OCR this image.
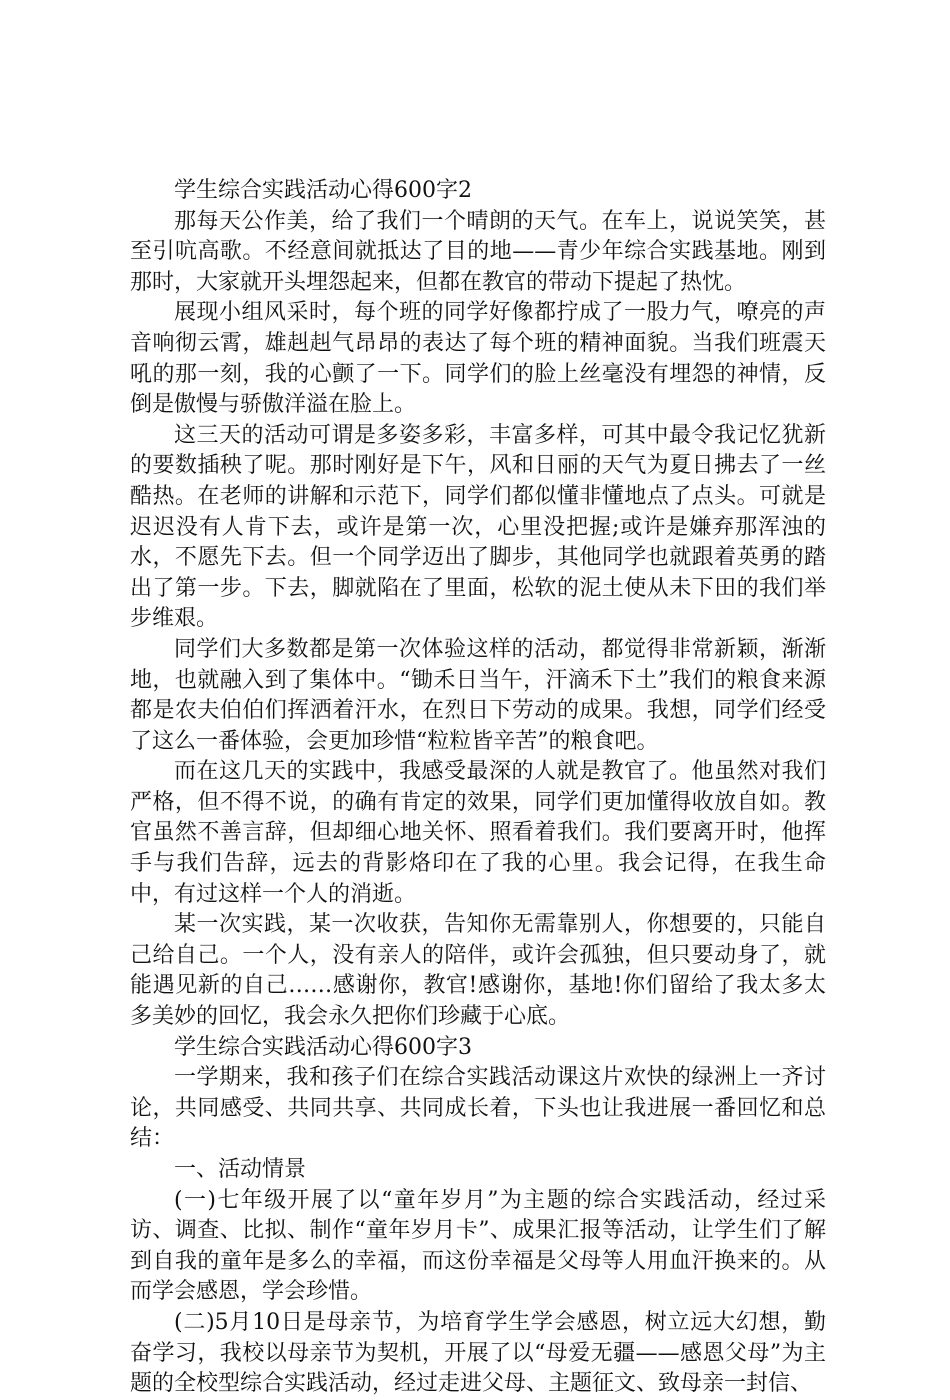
学生综合实践活动心得600字2

那每天公作美，给了我们一个晴朗的天气。在车上，说说笑笑，甚至引吭高歌。不经意间就抵达了目的地——青少年综合实践基地。刚到那时，大家就开头埋怨起来，但都在教官的带动下提起了热忱。

展现小组风采时，每个班的同学好像都拧成了一股力气，嘹亮的声音响彻云霄，雄赳赳气昂昂的表达了每个班的精神面貌。当我们班震天吼的那一刻，我的心颤了一下。同学们的脸上丝毫没有埋怨的神情，反倒是傲慢与骄傲洋溢在脸上。

这三天的活动可谓是多姿多彩，丰富多样，可其中最令我记忆犹新的要数插秧了呢。那时刚好是下午，风和日丽的天气为夏日拂去了一丝酷热。在老师的讲解和示范下，同学们都似懂非懂地点了点头。可就是迟迟没有人肯下去，或许是第一次，心里没把握;或许是嫌弃那浑浊的水，不愿先下去。但一个同学迈出了脚步，其他同学也就跟着英勇的踏出了第一步。下去，脚就陷在了里面，松软的泥土使从未下田的我们举步维艰。

同学们大多数都是第一次体验这样的活动，都觉得非常新颖，渐渐地，也就融入到了集体中。“锄禾日当午，汗滴禾下土”我们的粮食来源都是农夫伯伯们挥洒着汗水，在烈日下劳动的成果。我想，同学们经受了这么一番体验，会更加珍惜“粒粒皆辛苦”的粮食吧。

而在这几天的实践中，我感受最深的人就是教官了。他虽然对我们严格，但不得不说，的确有肯定的效果，同学们更加懂得收放自如。教官虽然不善言辞，但却细心地关怀、照看着我们。我们要离开时，他挥手与我们告辞，远去的背影烙印在了我的心里。我会记得，在我生命中，有过这样一个人的消逝。

某一次实践，某一次收获，告知你无需靠别人，你想要的，只能自己给自己。一个人，没有亲人的陪伴，或许会孤独，但只要动身了，就能遇见新的自己……感谢你，教官!感谢你，基地!你们留给了我太多太多美妙的回忆，我会永久把你们珍藏于心底。

学生综合实践活动心得600字3

一学期来，我和孩子们在综合实践活动课这片欢快的绿洲上一齐讨论，共同感受、共同共享、共同成长着，下头也让我进展一番回忆和总结：

一、活动情景

(一)七年级开展了以“童年岁月”为主题的综合实践活动，经过采访、调查、比拟、制作“童年岁月卡”、成果汇报等活动，让学生们了解到自我的童年是多么的幸福，而这份幸福是父母等人用血汗换来的。从而学会感恩，学会珍惜。

(二)5月10日是母亲节，为培育学生学会感恩，树立远大幻想，勤奋学习，我校以母亲节为契机，开展了以“母爱无疆——感恩父母”为主题的全校型综合实践活动，经过走进父母、主题征文、致母亲一封信、
